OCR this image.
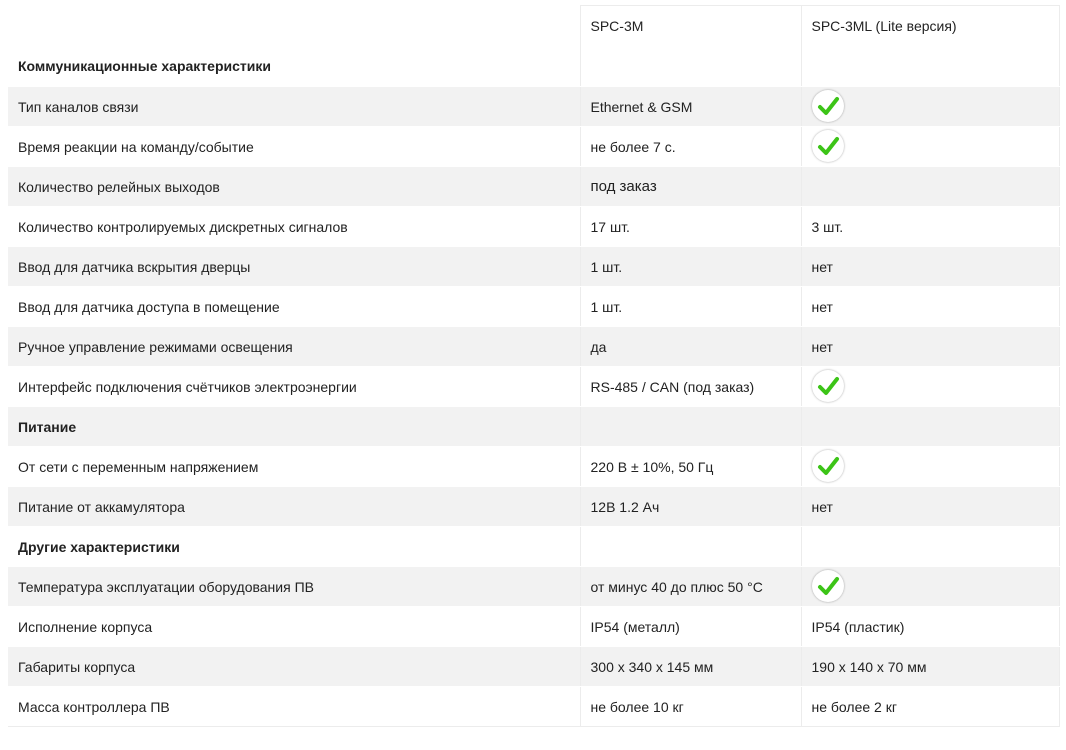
	SPC-3M	SPC-3ML (Lite версия)
Коммуникационные характеристики		
Тип каналов связи	Ethernet & GSM	

Время реакции на команду/событие	не более 7 с.	

Количество релейных выходов	под заказ	
Количество контролируемых дискретных сигналов	17 шт.	3 шт.
Ввод для датчика вскрытия дверцы	1 шт.	нет
Ввод для датчика доступа в помещение	1 шт.	нет
Ручное управление режимами освещения	да	нет
Интерфейс подключения счётчиков электроэнергии	RS-485 / CAN (под заказ)	

Питание		
От сети с переменным напряжением	220 В ± 10%, 50 Гц	

Питание от аккамулятора	12В 1.2 Ач	нет
Другие характеристики		
Температура эксплуатации оборудования ПВ	от минус 40 до плюс 50 °С	

Исполнение корпуса	IP54 (металл)	IP54 (пластик)
Габариты корпуса	300 х 340 х 145 мм	190 х 140 х 70 мм
Масса контроллера ПВ	не более 10 кг	не более 2 кг
